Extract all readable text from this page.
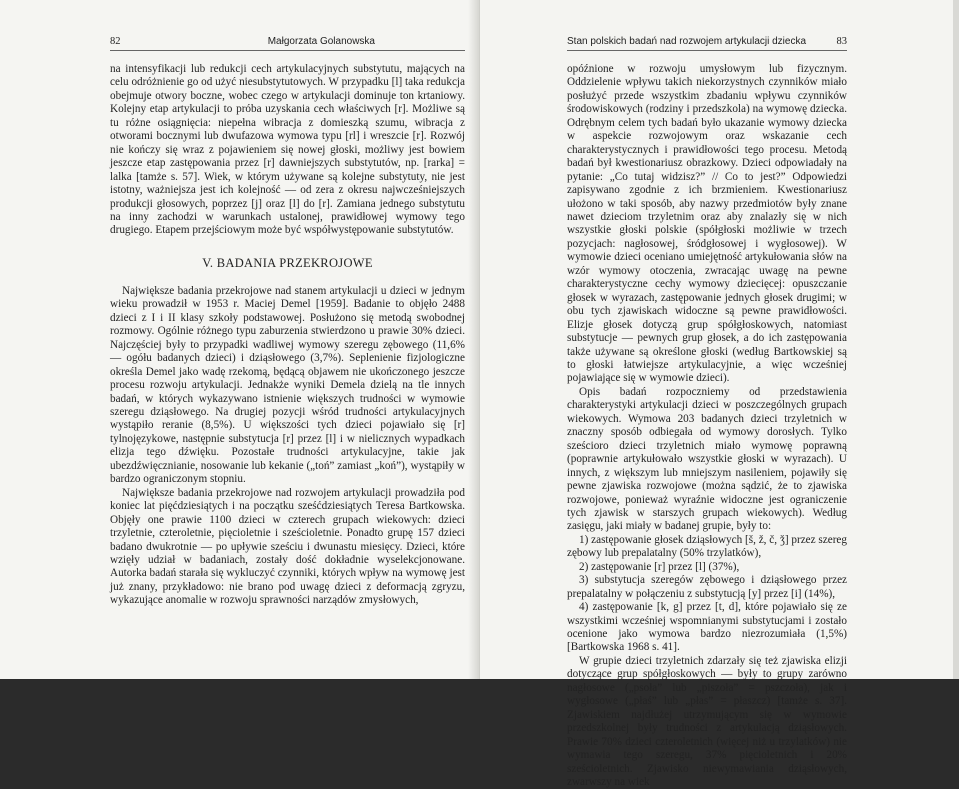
82	Małgorzata Golanowska

na intensyfikacji lub redukcji cech artykulacyjnych substytutu, mających na celu odróżnienie go od użyć niesubstytutowych. W przypadku [l] taka redukcja obejmuje otwory boczne, wobec czego w artykulacji dominuje ton krtaniowy. Kolejny etap artykulacji to próba uzyskania cech właściwych [r]. Możliwe są tu różne osiągnięcia: niepełna wibracja z domieszką szumu, wibracja z otworami bocznymi lub dwufazowa wymowa typu [rl] i wreszcie [r]. Rozwój nie kończy się wraz z pojawieniem się nowej głoski, możliwy jest bowiem jeszcze etap zastępowania przez [r] dawniejszych substytutów, np. [rarka] = lalka [tamże s. 57]. Wiek, w którym używane są kolejne substytuty, nie jest istotny, ważniejsza jest ich kolejność — od zera z okresu najwcześniejszych produkcji głosowych, poprzez [j] oraz [l] do [r]. Zamiana jednego substytutu na inny zachodzi w warunkach ustalonej, prawidłowej wymowy tego drugiego. Etapem przejściowym może być współwystępowanie substytutów.

V. BADANIA PRZEKROJOWE

Największe badania przekrojowe nad stanem artykulacji u dzieci w jednym wieku prowadził w 1953 r. Maciej Demel [1959]. Badanie to objęło 2488 dzieci z I i II klasy szkoły podstawowej. Posłużono się metodą swobodnej rozmowy. Ogólnie różnego typu zaburzenia stwierdzono u prawie 30% dzieci. Najczęściej były to przypadki wadliwej wymowy szeregu zębowego (11,6% — ogółu badanych dzieci) i dziąsłowego (3,7%). Seplenienie fizjologiczne określa Demel jako wadę rzekomą, będącą objawem nie ukończonego jeszcze procesu rozwoju artykulacji. Jednakże wyniki Demela dzielą na tle innych badań, w których wykazywano istnienie większych trudności w wymowie szeregu dziąsłowego. Na drugiej pozycji wśród trudności artykulacyjnych wystąpiło reranie (8,5%). U większości tych dzieci pojawiało się [r] tylnojęzykowe, następnie substytucja [r] przez [l] i w nielicznych wypadkach elizja tego dźwięku. Pozostałe trudności artykulacyjne, takie jak ubezdźwięcznianie, nosowanie lub kekanie („toń” zamiast „koń”), wystąpiły w bardzo ograniczonym stopniu.

Największe badania przekrojowe nad rozwojem artykulacji prowadziła pod koniec lat pięćdziesiątych i na początku sześćdziesiątych Teresa Bartkowska. Objęły one prawie 1100 dzieci w czterech grupach wiekowych: dzieci trzyletnie, czteroletnie, pięcioletnie i sześcioletnie. Ponadto grupę 157 dzieci badano dwukrotnie — po upływie sześciu i dwunastu miesięcy. Dzieci, które wzięły udział w badaniach, zostały dość dokładnie wyselekcjonowane. Autorka badań starała się wykluczyć czynniki, których wpływ na wymowę jest już znany, przykładowo: nie brano pod uwagę dzieci z deformacją zgryzu, wykazujące anomalie w rozwoju sprawności narządów zmysłowych,

Stan polskich badań nad rozwojem artykulacji dziecka	83

opóźnione w rozwoju umysłowym lub fizycznym. Oddzielenie wpływu takich niekorzystnych czynników miało posłużyć przede wszystkim zbadaniu wpływu czynników środowiskowych (rodziny i przedszkola) na wymowę dziecka. Odrębnym celem tych badań było ukazanie wymowy dziecka w aspekcie rozwojowym oraz wskazanie cech charakterystycznych i prawidłowości tego procesu. Metodą badań był kwestionariusz obrazkowy. Dzieci odpowiadały na pytanie: „Co tutaj widzisz?” // Co to jest?” Odpowiedzi zapisywano zgodnie z ich brzmieniem. Kwestionariusz ułożono w taki sposób, aby nazwy przedmiotów były znane nawet dzieciom trzyletnim oraz aby znalazły się w nich wszystkie głoski polskie (spółgłoski możliwie w trzech pozycjach: nagłosowej, śródgłosowej i wygłosowej). W wymowie dzieci oceniano umiejętność artykułowania słów na wzór wymowy otoczenia, zwracając uwagę na pewne charakterystyczne cechy wymowy dziecięcej: opuszczanie głosek w wyrazach, zastępowanie jednych głosek drugimi; w obu tych zjawiskach widoczne są pewne prawidłowości. Elizje głosek dotyczą grup spółgłoskowych, natomiast substytucje — pewnych grup głosek, a do ich zastępowania także używane są określone głoski (według Bartkowskiej są to głoski łatwiejsze artykulacyjnie, a więc wcześniej pojawiające się w wymowie dzieci).

Opis badań rozpoczniemy od przedstawienia charakterystyki artykulacji dzieci w poszczególnych grupach wiekowych. Wymowa 203 badanych dzieci trzyletnich w znaczny sposób odbiegała od wymowy dorosłych. Tylko sześcioro dzieci trzyletnich miało wymowę poprawną (poprawnie artykułowało wszystkie głoski w wyrazach). U innych, z większym lub mniejszym nasileniem, pojawiły się pewne zjawiska rozwojowe (można sądzić, że to zjawiska rozwojowe, ponieważ wyraźnie widoczne jest ograniczenie tych zjawisk w starszych grupach wiekowych). Według zasięgu, jaki miały w badanej grupie, były to:

1) zastępowanie głosek dziąsłowych [š, ž, č, ǯ] przez szereg zębowy lub prepalatalny (50% trzylatków),

2) zastępowanie [r] przez [l] (37%),

3) substytucja szeregów zębowego i dziąsłowego przez prepalatalny w połączeniu z substytucją [y] przez [i] (14%),

4) zastępowanie [k, g] przez [t, d], które pojawiało się ze wszystkimi wcześniej wspomnianymi substytucjami i zostało ocenione jako wymowa bardzo niezrozumiała (1,5%) [Bartkowska 1968 s. 41].

W grupie dzieci trzyletnich zdarzały się też zjawiska elizji dotyczące grup spółgłoskowych — były to grupy zarówno nagłosowe („psoła” lub „piszoła” = pszczoła), jak i wygłosowe („płaś” lub „płas” = płaszcz) [tamże s. 37]. Zjawiskiem najdłużej utrzymującym się w wymowie przedszkolnej były trudności z artykulacją dziąsłowych. Prawie 70% dzieci czteroletnich (więcej niż u trzylatków) nie wymawia tego szeregu, 37% pięcioletnich i 20% sześcioletnich. Zjawisko niewymawiania dziąsłowych, zwarwszy na wiek
